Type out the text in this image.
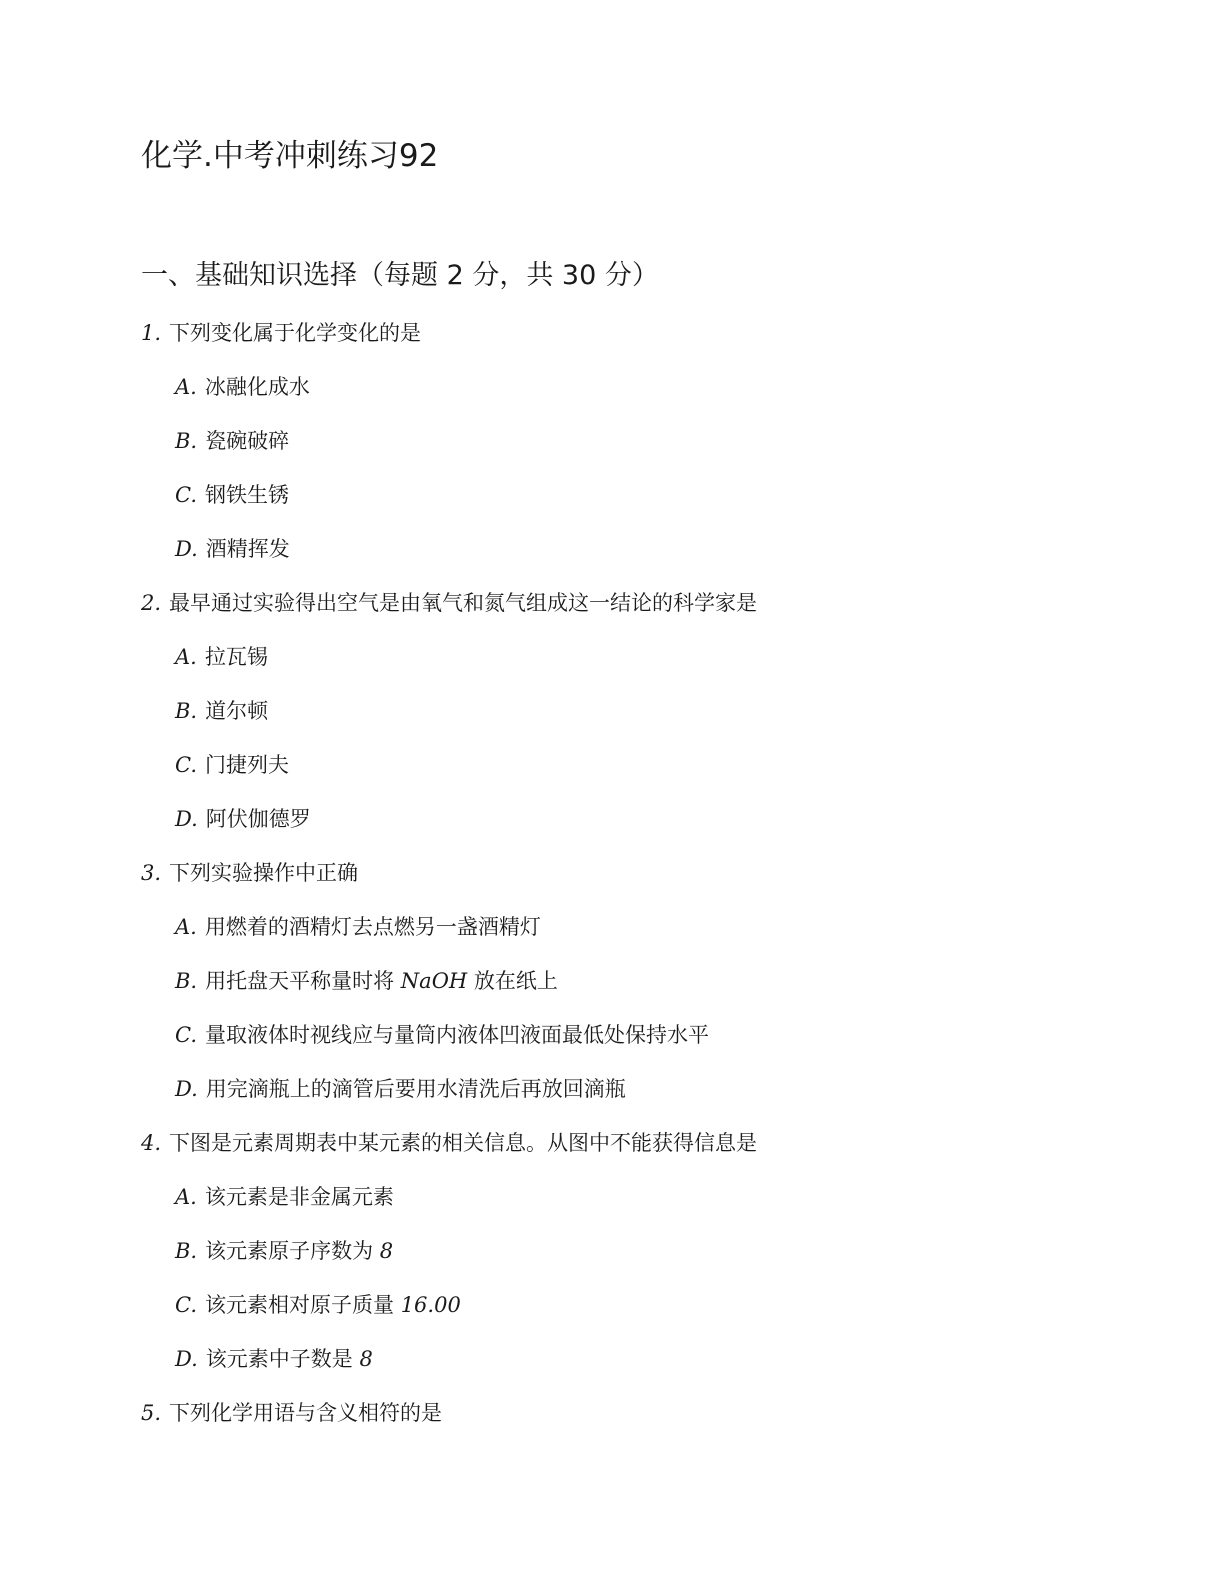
化学.中考冲刺练习92
一、基础知识选择（每题 2 分，共 30 分）
1. 下列变化属于化学变化的是
A. 冰融化成水
B. 瓷碗破碎
C. 钢铁生锈
D. 酒精挥发
2. 最早通过实验得出空气是由氧气和氮气组成这一结论的科学家是
A. 拉瓦锡
B. 道尔顿
C. 门捷列夫
D. 阿伏伽德罗
3. 下列实验操作中正确
A. 用燃着的酒精灯去点燃另一盏酒精灯
B. 用托盘天平称量时将 NaOH 放在纸上
C. 量取液体时视线应与量筒内液体凹液面最低处保持水平
D. 用完滴瓶上的滴管后要用水清洗后再放回滴瓶
4. 下图是元素周期表中某元素的相关信息。从图中不能获得信息是
A. 该元素是非金属元素
B. 该元素原子序数为 8
C. 该元素相对原子质量 16.00
D. 该元素中子数是 8
5. 下列化学用语与含义相符的是
